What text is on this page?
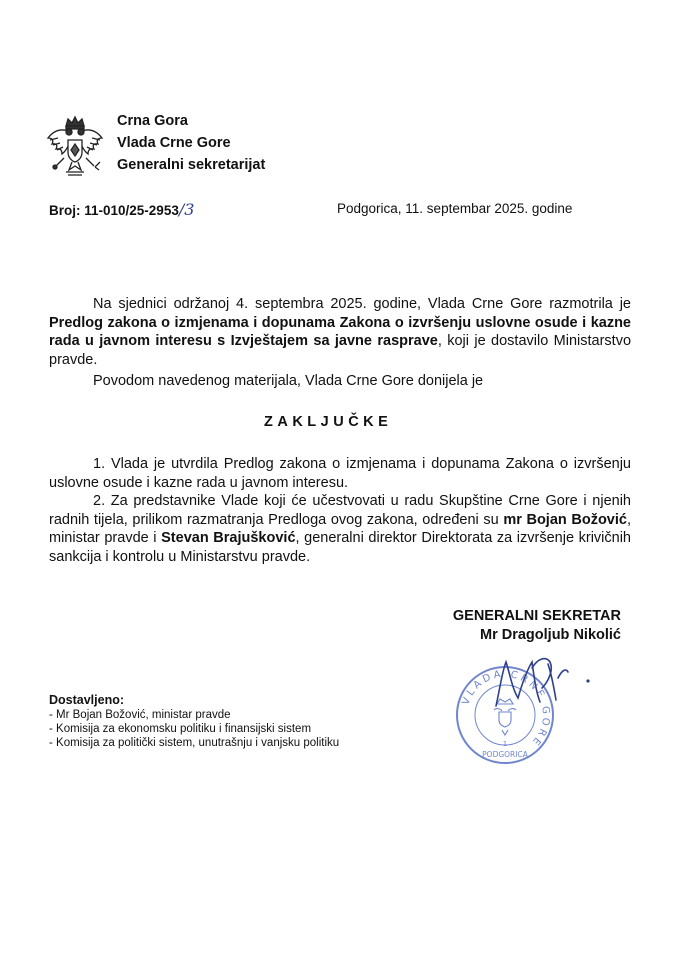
Crna Gora
Vlada Crne Gore
Generalni sekretarijat
Broj: 11-010/25-2953/3	Podgorica, 11. septembar 2025. godine
Na sjednici održanoj 4. septembra 2025. godine, Vlada Crne Gore razmotrila je Predlog zakona o izmjenama i dopunama Zakona o izvršenju uslovne osude i kazne rada u javnom interesu s Izvještajem sa javne rasprave, koji je dostavilo Ministarstvo pravde.
Povodom navedenog materijala, Vlada Crne Gore donijela je
ZAKLJUČKE
1. Vlada je utvrdila Predlog zakona o izmjenama i dopunama Zakona o izvršenju uslovne osude i kazne rada u javnom interesu.
2. Za predstavnike Vlade koji će učestvovati u radu Skupštine Crne Gore i njenih radnih tijela, prilikom razmatranja Predloga ovog zakona, određeni su mr Bojan Božović, ministar pravde i Stevan Brajušković, generalni direktor Direktorata za izvršenje krivičnih sankcija i kontrolu u Ministarstvu pravde.
GENERALNI SEKRETAR
Mr Dragoljub Nikolić
VLADA CRNE GORE
1
PODGORICA
Dostavljeno:
- Mr Bojan Božović, ministar pravde
- Komisija za ekonomsku politiku i finansijski sistem
- Komisija za politički sistem, unutrašnju i vanjsku politiku
